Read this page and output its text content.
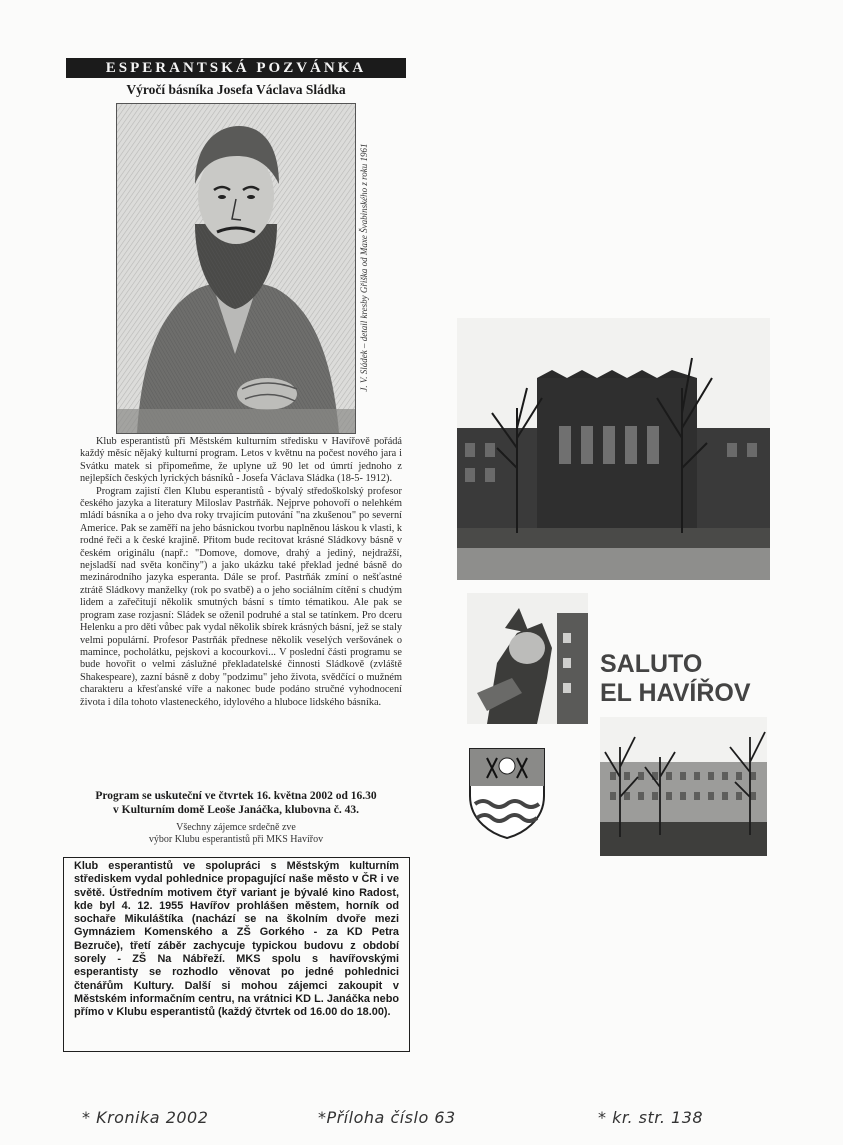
ESPERANTSKÁ POZVÁNKA
Výročí básníka Josefa Václava Sládka
J. V. Sládek – detail kresby Gřiška od Maxe Švabinského z roku 1961

Klub esperantistů při Městském kulturním středisku v Havířově pořádá každý měsíc nějaký kulturní program. Letos v květnu na počest nového jara i Svátku matek si připomeňme, že uplyne už 90 let od úmrtí jednoho z nejlepších českých lyrických básníků - Josefa Václava Sládka (18-5- 1912).

Program zajistí člen Klubu esperantistů - bývalý středoškolský profesor českého jazyka a literatury Miloslav Pastrňák. Nejprve pohovoří o nelehkém mládí básníka a o jeho dva roky trvajícím putování "na zkušenou" po severní Americe. Pak se zaměří na jeho básnickou tvorbu naplněnou láskou k vlasti, k rodné řeči a k české krajině. Přitom bude recitovat krásné Sládkovy básně v českém originálu (např.: "Domove, domove, drahý a jediný, nejdražší, nejsladší nad světa končiny") a jako ukázku také překlad jedné básně do mezinárodního jazyka esperanta. Dále se prof. Pastrňák zmíní o nešťastné ztrátě Sládkovy manželky (rok po svatbě) a o jeho sociálním cítění s chudým lidem a zařečitují několik smutných básní s tímto tématikou. Ale pak se program zase rozjasní: Sládek se oženil podruhé a stal se tatínkem. Pro dceru Helenku a pro děti vůbec pak vydal několik sbírek krásných básní, jež se staly velmi populární. Profesor Pastrňák přednese několik veselých veršovánek o mamince, pocholátku, pejskovi a kocourkovi... V poslední části programu se bude hovořit o velmi záslužné překladatelské činnosti Sládkově (zvláště Shakespeare), zazní básně z doby "podzimu" jeho života, svědčící o mužném charakteru a křesťanské víře a nakonec bude podáno stručné vyhodnocení života i díla tohoto vlasteneckého, idylového a hluboce lidského básníka.

Program se uskuteční ve čtvrtek 16. května 2002 od 16.30
v Kulturním domě Leoše Janáčka, klubovna č. 43.
Všechny zájemce srdečně zve
výbor Klubu esperantistů při MKS Havířov
Klub esperantistů ve spolupráci s Městským kulturním střediskem vydal pohlednice propagující naše město v ČR i ve světě. Ústředním motivem čtyř variant je bývalé kino Radost, kde byl 4. 12. 1955 Havířov prohlášen městem, horník od sochaře Mikuláštíka (nachází se na školním dvoře mezi Gymnáziem Komenského a ZŠ Gorkého - za KD Petra Bezruče), třetí záběr zachycuje typickou budovu z období sorely - ZŠ Na Nábřeží. MKS spolu s havířovskými esperantisty se rozhodlo věnovat po jedné pohlednici čtenářům Kultury. Další si mohou zájemci zakoupit v Městském informačním centru, na vrátnici KD L. Janáčka nebo přímo v Klubu esperantistů (každý čtvrtek od 16.00 do 18.00).
SALUTO
EL HAVÍŘOV
* Kronika 2002	*Příloha číslo 63	* kr. str. 138
